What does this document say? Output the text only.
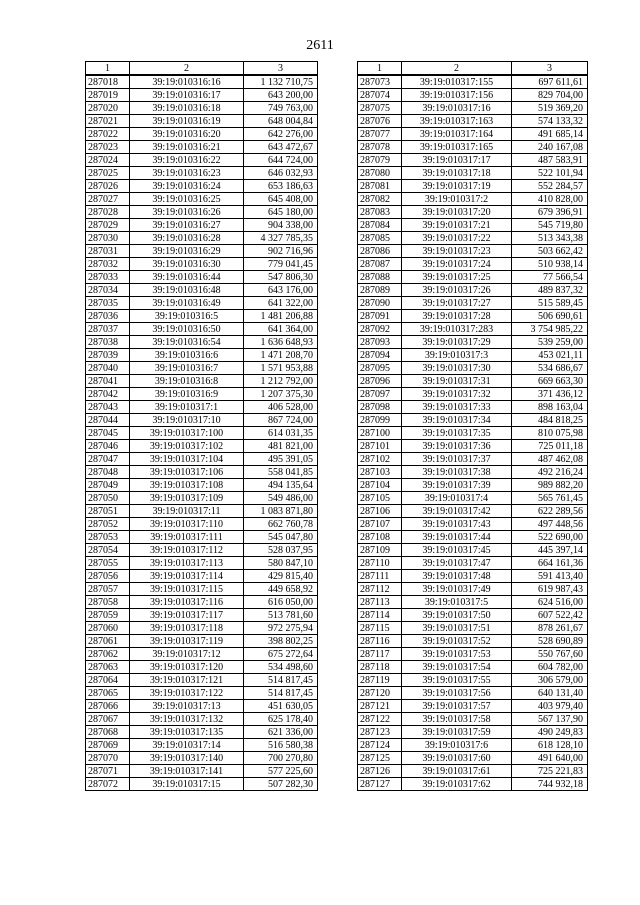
2611
1	2	3
287018	39:19:010316:16	1 132 710,75
287019	39:19:010316:17	643 200,00
287020	39:19:010316:18	749 763,00
287021	39:19:010316:19	648 004,84
287022	39:19:010316:20	642 276,00
287023	39:19:010316:21	643 472,67
287024	39:19:010316:22	644 724,00
287025	39:19:010316:23	646 032,93
287026	39:19:010316:24	653 186,63
287027	39:19:010316:25	645 408,00
287028	39:19:010316:26	645 180,00
287029	39:19:010316:27	904 338,00
287030	39:19:010316:28	4 327 785,35
287031	39:19:010316:29	902 716,96
287032	39:19:010316:30	779 041,45
287033	39:19:010316:44	547 806,30
287034	39:19:010316:48	643 176,00
287035	39:19:010316:49	641 322,00
287036	39:19:010316:5	1 481 206,88
287037	39:19:010316:50	641 364,00
287038	39:19:010316:54	1 636 648,93
287039	39:19:010316:6	1 471 208,70
287040	39:19:010316:7	1 571 953,88
287041	39:19:010316:8	1 212 792,00
287042	39:19:010316:9	1 207 375,30
287043	39:19:010317:1	406 528,00
287044	39:19:010317:10	867 724,00
287045	39:19:010317:100	614 031,35
287046	39:19:010317:102	481 821,00
287047	39:19:010317:104	495 391,05
287048	39:19:010317:106	558 041,85
287049	39:19:010317:108	494 135,64
287050	39:19:010317:109	549 486,00
287051	39:19:010317:11	1 083 871,80
287052	39:19:010317:110	662 760,78
287053	39:19:010317:111	545 047,80
287054	39:19:010317:112	528 037,95
287055	39:19:010317:113	580 847,10
287056	39:19:010317:114	429 815,40
287057	39:19:010317:115	449 658,92
287058	39:19:010317:116	616 050,00
287059	39:19:010317:117	513 781,60
287060	39:19:010317:118	972 275,94
287061	39:19:010317:119	398 802,25
287062	39:19:010317:12	675 272,64
287063	39:19:010317:120	534 498,60
287064	39:19:010317:121	514 817,45
287065	39:19:010317:122	514 817,45
287066	39:19:010317:13	451 630,05
287067	39:19:010317:132	625 178,40
287068	39:19:010317:135	621 336,00
287069	39:19:010317:14	516 580,38
287070	39:19:010317:140	700 270,80
287071	39:19:010317:141	577 225,60
287072	39:19:010317:15	507 282,30
1	2	3
287073	39:19:010317:155	697 611,61
287074	39:19:010317:156	829 704,00
287075	39:19:010317:16	519 369,20
287076	39:19:010317:163	574 133,32
287077	39:19:010317:164	491 685,14
287078	39:19:010317:165	240 167,08
287079	39:19:010317:17	487 583,91
287080	39:19:010317:18	522 101,94
287081	39:19:010317:19	552 284,57
287082	39:19:010317:2	410 828,00
287083	39:19:010317:20	679 396,91
287084	39:19:010317:21	545 719,80
287085	39:19:010317:22	513 343,38
287086	39:19:010317:23	503 662,42
287087	39:19:010317:24	510 938,14
287088	39:19:010317:25	77 566,54
287089	39:19:010317:26	489 837,32
287090	39:19:010317:27	515 589,45
287091	39:19:010317:28	506 690,61
287092	39:19:010317:283	3 754 985,22
287093	39:19:010317:29	539 259,00
287094	39:19:010317:3	453 021,11
287095	39:19:010317:30	534 686,67
287096	39:19:010317:31	669 663,30
287097	39:19:010317:32	371 436,12
287098	39:19:010317:33	898 163,04
287099	39:19:010317:34	484 818,25
287100	39:19:010317:35	810 075,98
287101	39:19:010317:36	725 011,18
287102	39:19:010317:37	487 462,08
287103	39:19:010317:38	492 216,24
287104	39:19:010317:39	989 882,20
287105	39:19:010317:4	565 761,45
287106	39:19:010317:42	622 289,56
287107	39:19:010317:43	497 448,56
287108	39:19:010317:44	522 690,00
287109	39:19:010317:45	445 397,14
287110	39:19:010317:47	664 161,36
287111	39:19:010317:48	591 413,40
287112	39:19:010317:49	619 987,43
287113	39:19:010317:5	624 516,00
287114	39:19:010317:50	607 522,42
287115	39:19:010317:51	878 261,67
287116	39:19:010317:52	528 690,89
287117	39:19:010317:53	550 767,60
287118	39:19:010317:54	604 782,00
287119	39:19:010317:55	306 579,00
287120	39:19:010317:56	640 131,40
287121	39:19:010317:57	403 979,40
287122	39:19:010317:58	567 137,90
287123	39:19:010317:59	490 249,83
287124	39:19:010317:6	618 128,10
287125	39:19:010317:60	491 640,00
287126	39:19:010317:61	725 221,83
287127	39:19:010317:62	744 932,18
